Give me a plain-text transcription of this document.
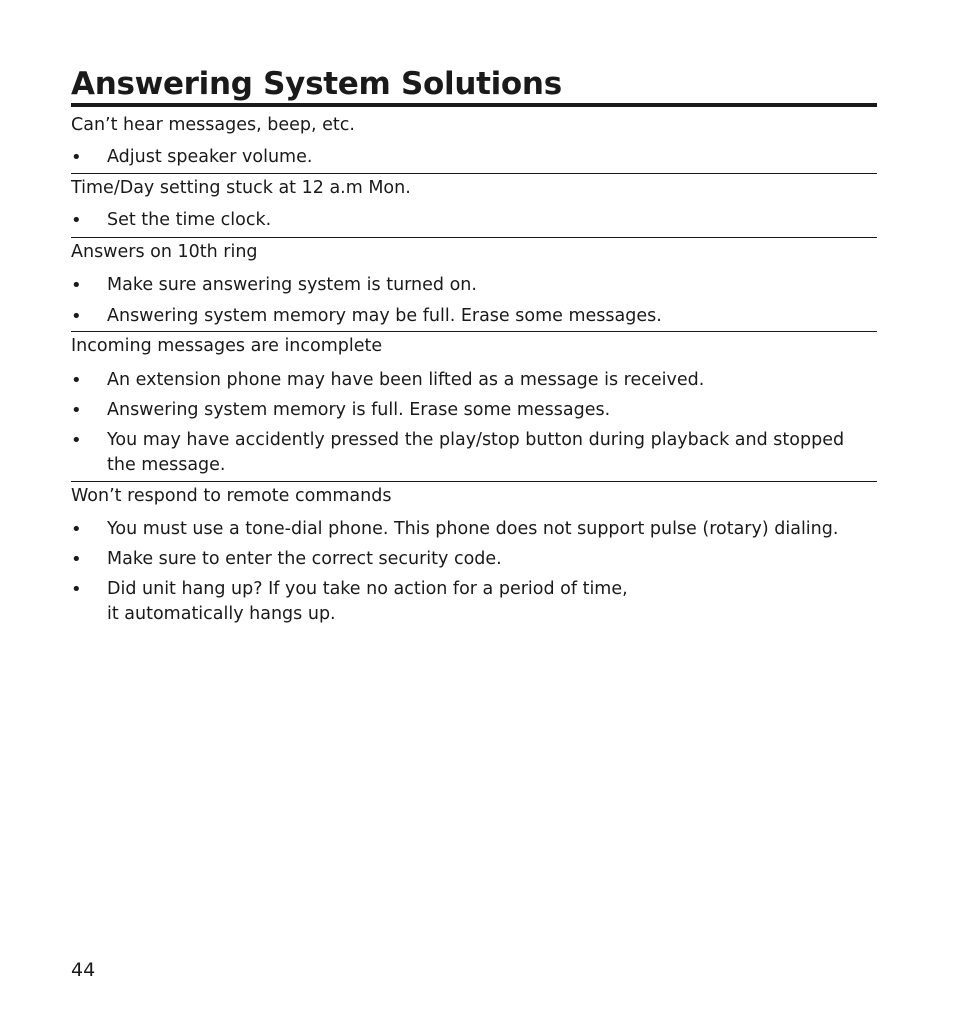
Answering System Solutions
Can’t hear messages, beep, etc.
• Adjust speaker volume.
Time/Day setting stuck at 12 a.m Mon.
• Set the time clock.
Answers on 10th ring
• Make sure answering system is turned on.
• Answering system memory may be full. Erase some messages.
Incoming messages are incomplete
• An extension phone may have been lifted as a message is received.
• Answering system memory is full. Erase some messages.
• You may have accidently pressed the play/stop button during playback and stopped the message.
Won’t respond to remote commands
• You must use a tone-dial phone. This phone does not support pulse (rotary) dialing.
• Make sure to enter the correct security code.
• Did unit hang up? If you take no action for a period of time,
it automatically hangs up.
44
